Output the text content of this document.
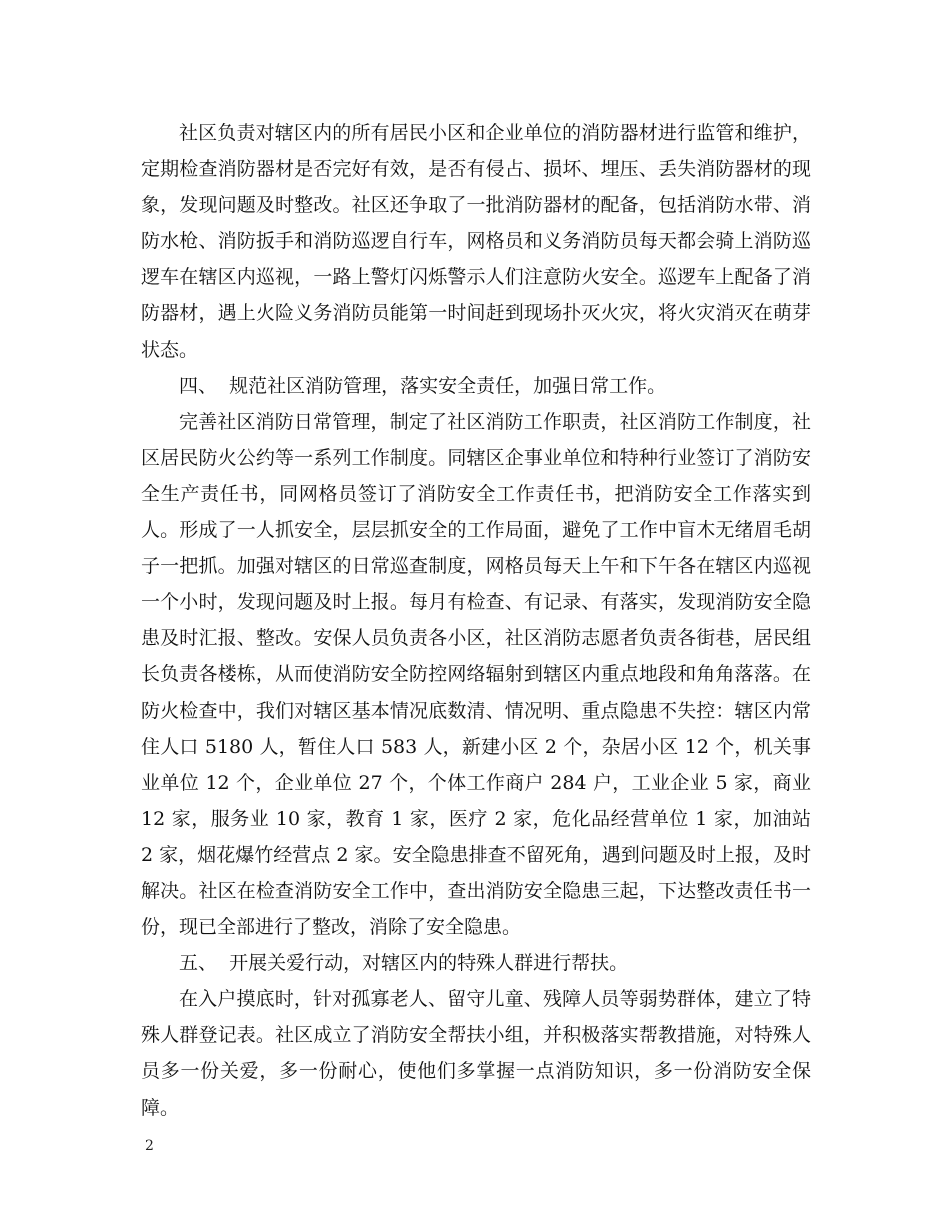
社区负责对辖区内的所有居民小区和企业单位的消防器材进行监管和维护，定期检查消防器材是否完好有效，是否有侵占、损坏、埋压、丢失消防器材的现象，发现问题及时整改。社区还争取了一批消防器材的配备，包括消防水带、消防水枪、消防扳手和消防巡逻自行车，网格员和义务消防员每天都会骑上消防巡逻车在辖区内巡视，一路上警灯闪烁警示人们注意防火安全。巡逻车上配备了消防器材，遇上火险义务消防员能第一时间赶到现场扑灭火灾，将火灾消灭在萌芽状态。

四、  规范社区消防管理，落实安全责任，加强日常工作。

完善社区消防日常管理，制定了社区消防工作职责，社区消防工作制度，社区居民防火公约等一系列工作制度。同辖区企事业单位和特种行业签订了消防安全生产责任书，同网格员签订了消防安全工作责任书，把消防安全工作落实到人。形成了一人抓安全，层层抓安全的工作局面，避免了工作中盲木无绪眉毛胡子一把抓。加强对辖区的日常巡查制度，网格员每天上午和下午各在辖区内巡视一个小时，发现问题及时上报。每月有检查、有记录、有落实，发现消防安全隐患及时汇报、整改。安保人员负责各小区，社区消防志愿者负责各街巷，居民组长负责各楼栋，从而使消防安全防控网络辐射到辖区内重点地段和角角落落。在防火检查中，我们对辖区基本情况底数清、情况明、重点隐患不失控：辖区内常住人口 5180 人，暂住人口 583 人，新建小区 2 个，杂居小区 12 个，机关事业单位 12 个，企业单位 27 个，个体工作商户 284 户，工业企业 5 家，商业 12 家，服务业 10 家，教育 1 家，医疗 2 家，危化品经营单位 1 家，加油站 2 家，烟花爆竹经营点 2 家。安全隐患排查不留死角，遇到问题及时上报，及时解决。社区在检查消防安全工作中，查出消防安全隐患三起，下达整改责任书一份，现已全部进行了整改，消除了安全隐患。

五、  开展关爱行动，对辖区内的特殊人群进行帮扶。

在入户摸底时，针对孤寡老人、留守儿童、残障人员等弱势群体，建立了特殊人群登记表。社区成立了消防安全帮扶小组，并积极落实帮教措施，对特殊人员多一份关爱，多一份耐心，使他们多掌握一点消防知识，多一份消防安全保障。

2
